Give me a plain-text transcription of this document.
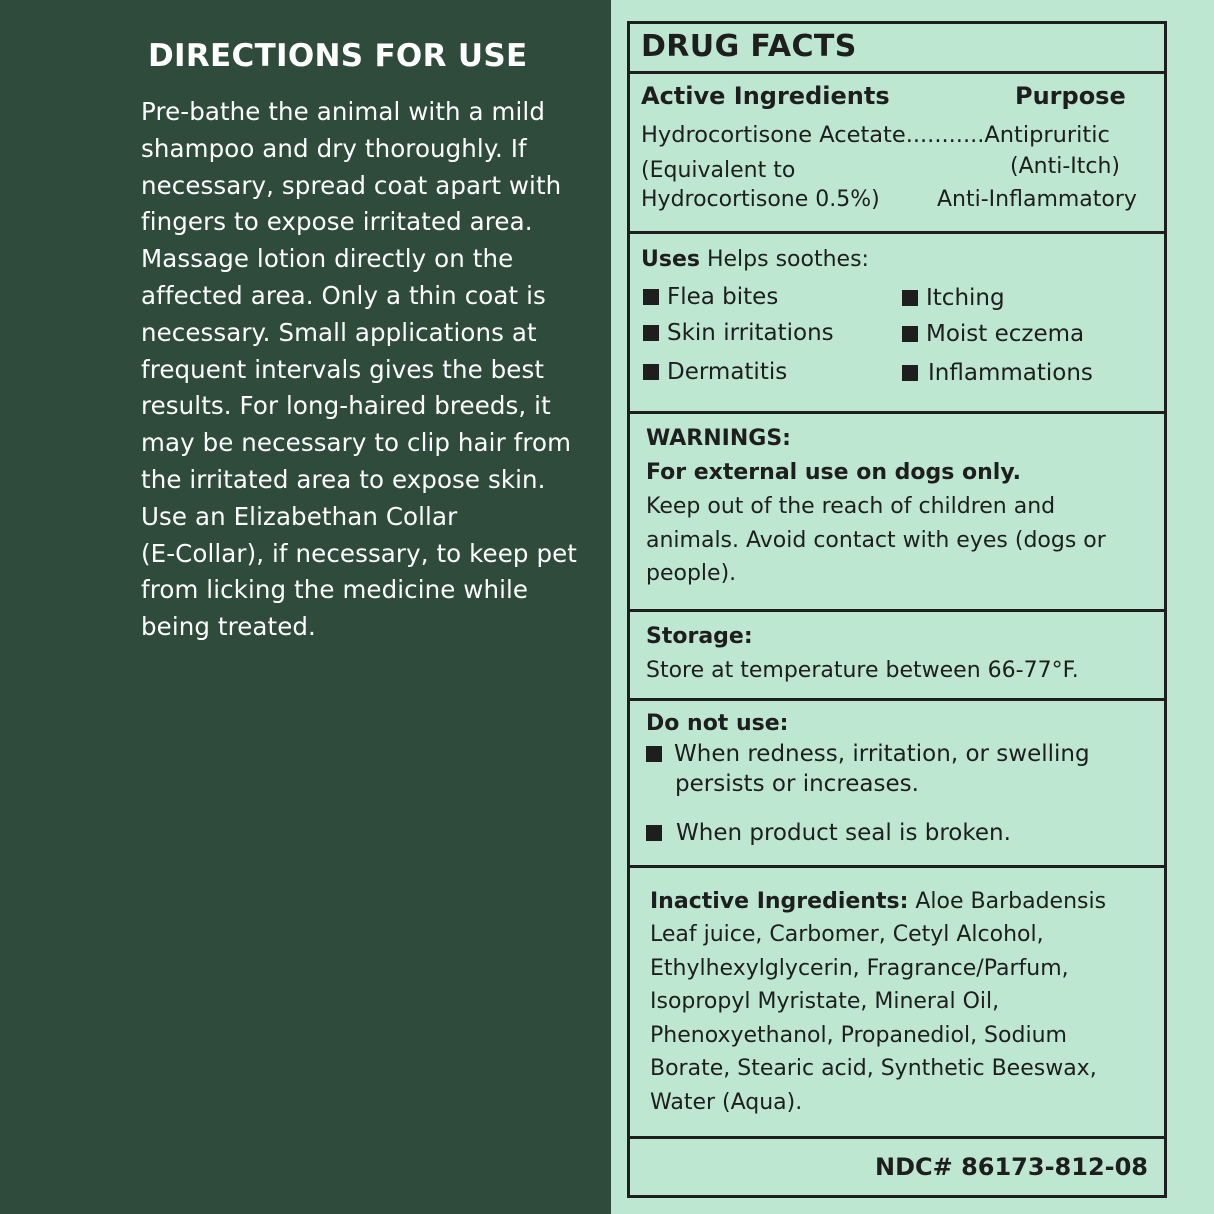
DIRECTIONS FOR USE
Pre-bathe the animal with a mild
shampoo and dry thoroughly. If
necessary, spread coat apart with
fingers to expose irritated area.
Massage lotion directly on the
affected area. Only a thin coat is
necessary. Small applications at
frequent intervals gives the best
results. For long-haired breeds, it
may be necessary to clip hair from
the irritated area to expose skin.
Use an Elizabethan Collar
(E-Collar), if necessary, to keep pet
from licking the medicine while
being treated.
DRUG FACTS
Active Ingredients	Purpose
Hydrocortisone Acetate...........Antipruritic
(Anti-Itch)
(Equivalent to
Hydrocortisone 0.5%)	Anti-Inflammatory
Uses Helps soothes:
Flea bites	Itching
Skin irritations	Moist eczema
Dermatitis	Inflammations
WARNINGS:
For external use on dogs only.
Keep out of the reach of children and
animals. Avoid contact with eyes (dogs or
people).
Storage:
Store at temperature between 66-77°F.
Do not use:
When redness, irritation, or swelling
persists or increases.
When product seal is broken.
Inactive Ingredients: Aloe Barbadensis
Leaf juice, Carbomer, Cetyl Alcohol,
Ethylhexylglycerin, Fragrance/Parfum,
Isopropyl Myristate, Mineral Oil,
Phenoxyethanol, Propanediol, Sodium
Borate, Stearic acid, Synthetic Beeswax,
Water (Aqua).
NDC# 86173-812-08
